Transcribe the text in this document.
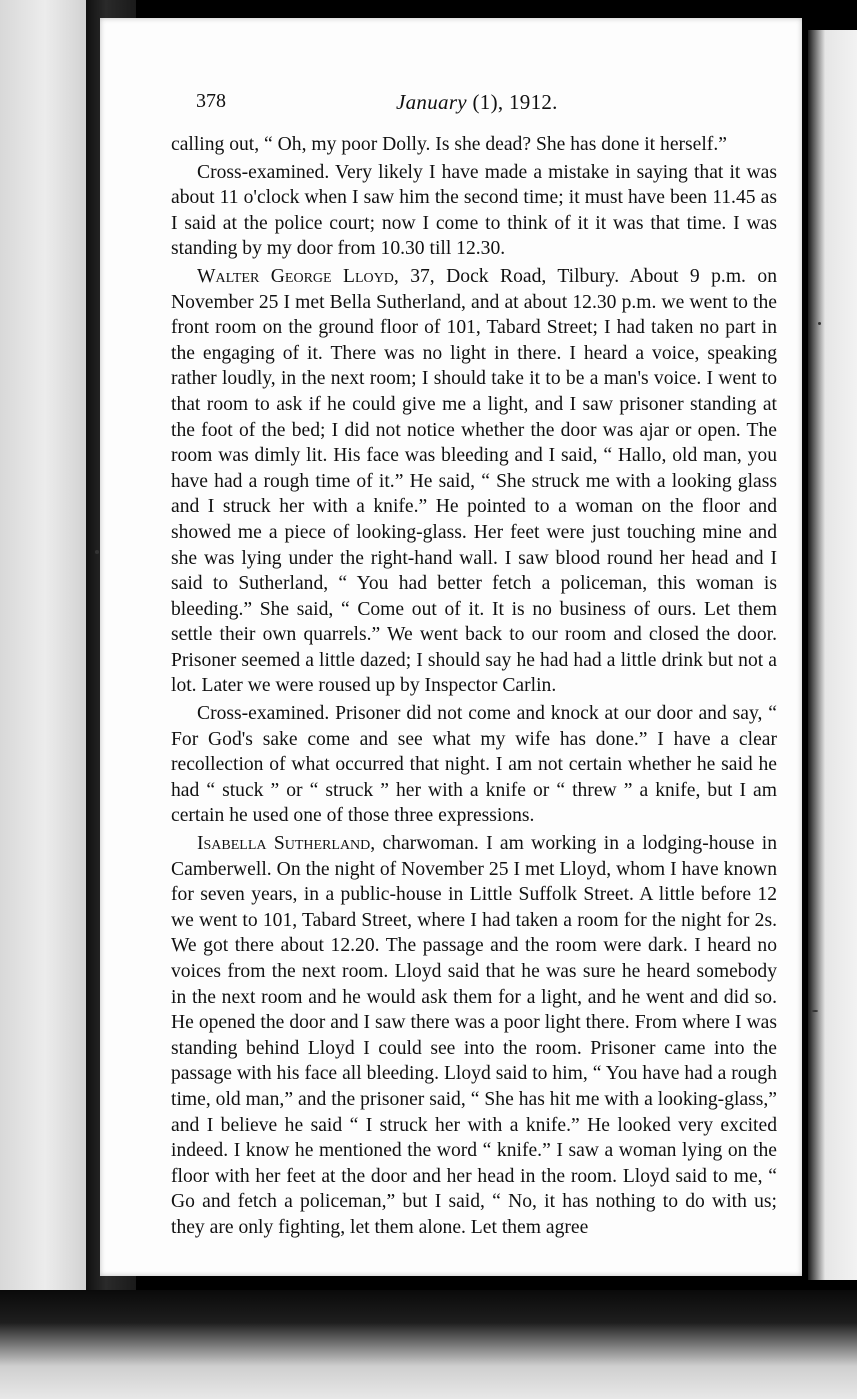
378	January (1), 1912.

calling out, “ Oh, my poor Dolly. Is she dead? She has done it herself.”

Cross-examined. Very likely I have made a mistake in saying that it was about 11 o'clock when I saw him the second time; it must have been 11.45 as I said at the police court; now I come to think of it it was that time. I was standing by my door from 10.30 till 12.30.

Walter George Lloyd, 37, Dock Road, Tilbury. About 9 p.m. on November 25 I met Bella Sutherland, and at about 12.30 p.m. we went to the front room on the ground floor of 101, Tabard Street; I had taken no part in the engaging of it. There was no light in there. I heard a voice, speaking rather loudly, in the next room; I should take it to be a man's voice. I went to that room to ask if he could give me a light, and I saw prisoner standing at the foot of the bed; I did not notice whether the door was ajar or open. The room was dimly lit. His face was bleeding and I said, “ Hallo, old man, you have had a rough time of it.” He said, “ She struck me with a looking glass and I struck her with a knife.” He pointed to a woman on the floor and showed me a piece of looking-glass. Her feet were just touching mine and she was lying under the right-hand wall. I saw blood round her head and I said to Sutherland, “ You had better fetch a policeman, this woman is bleeding.” She said, “ Come out of it. It is no business of ours. Let them settle their own quarrels.” We went back to our room and closed the door. Prisoner seemed a little dazed; I should say he had had a little drink but not a lot. Later we were roused up by Inspector Carlin.

Cross-examined. Prisoner did not come and knock at our door and say, “ For God's sake come and see what my wife has done.” I have a clear recollection of what occurred that night. I am not certain whether he said he had “ stuck ” or “ struck ” her with a knife or “ threw ” a knife, but I am certain he used one of those three expressions.

Isabella Sutherland, charwoman. I am working in a lodging-house in Camberwell. On the night of November 25 I met Lloyd, whom I have known for seven years, in a public-house in Little Suffolk Street. A little before 12 we went to 101, Tabard Street, where I had taken a room for the night for 2s. We got there about 12.20. The passage and the room were dark. I heard no voices from the next room. Lloyd said that he was sure he heard somebody in the next room and he would ask them for a light, and he went and did so. He opened the door and I saw there was a poor light there. From where I was standing behind Lloyd I could see into the room. Prisoner came into the passage with his face all bleeding. Lloyd said to him, “ You have had a rough time, old man,” and the prisoner said, “ She has hit me with a looking-glass,” and I believe he said “ I struck her with a knife.” He looked very excited indeed. I know he mentioned the word “ knife.” I saw a woman lying on the floor with her feet at the door and her head in the room. Lloyd said to me, “ Go and fetch a policeman,” but I said, “ No, it has nothing to do with us; they are only fighting, let them alone. Let them agree
